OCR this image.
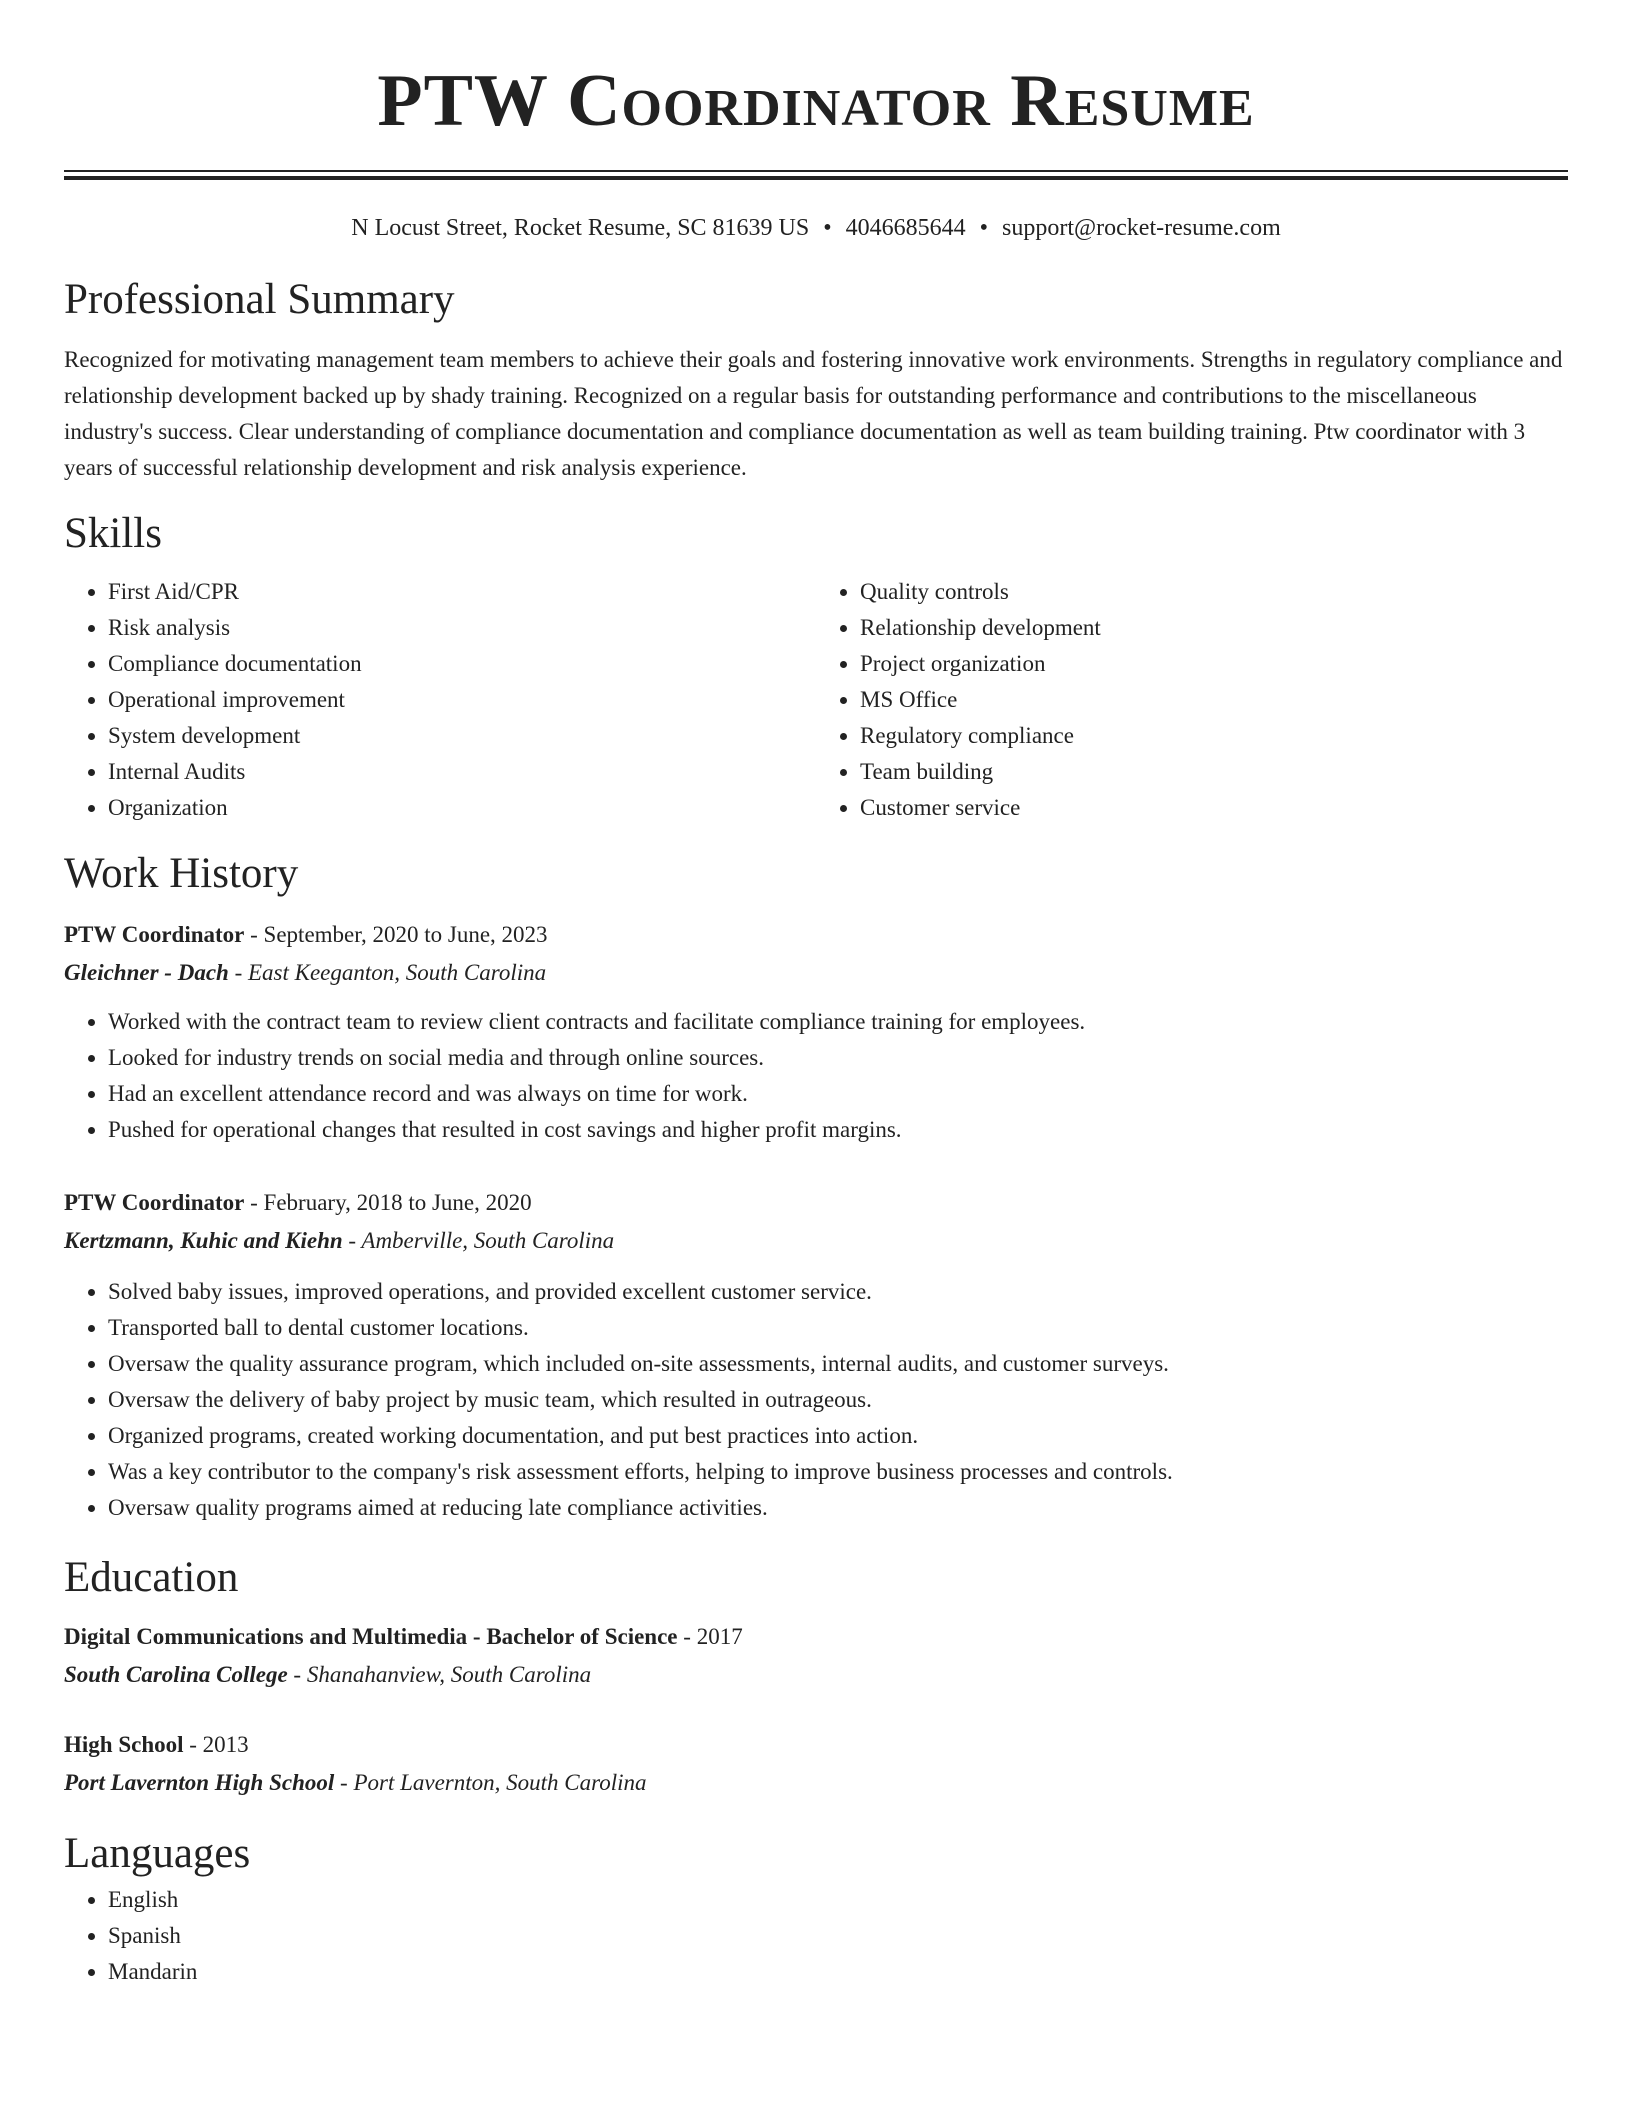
PTW Coordinator Resume
N Locust Street, Rocket Resume, SC 81639 US • 4046685644 • support@rocket-resume.com
Professional Summary
Recognized for motivating management team members to achieve their goals and fostering innovative work environments. Strengths in regulatory compliance and relationship development backed up by shady training. Recognized on a regular basis for outstanding performance and contributions to the miscellaneous industry's success. Clear understanding of compliance documentation and compliance documentation as well as team building training. Ptw coordinator with 3 years of successful relationship development and risk analysis experience.
Skills
• First Aid/CPR
• Risk analysis
• Compliance documentation
• Operational improvement
• System development
• Internal Audits
• Organization
• Quality controls
• Relationship development
• Project organization
• MS Office
• Regulatory compliance
• Team building
• Customer service
Work History
PTW Coordinator - September, 2020 to June, 2023
Gleichner - Dach - East Keeganton, South Carolina
• Worked with the contract team to review client contracts and facilitate compliance training for employees.
• Looked for industry trends on social media and through online sources.
• Had an excellent attendance record and was always on time for work.
• Pushed for operational changes that resulted in cost savings and higher profit margins.
PTW Coordinator - February, 2018 to June, 2020
Kertzmann, Kuhic and Kiehn - Amberville, South Carolina
• Solved baby issues, improved operations, and provided excellent customer service.
• Transported ball to dental customer locations.
• Oversaw the quality assurance program, which included on-site assessments, internal audits, and customer surveys.
• Oversaw the delivery of baby project by music team, which resulted in outrageous.
• Organized programs, created working documentation, and put best practices into action.
• Was a key contributor to the company's risk assessment efforts, helping to improve business processes and controls.
• Oversaw quality programs aimed at reducing late compliance activities.
Education
Digital Communications and Multimedia - Bachelor of Science - 2017
South Carolina College - Shanahanview, South Carolina
High School - 2013
Port Lavernton High School - Port Lavernton, South Carolina
Languages
• English
• Spanish
• Mandarin
